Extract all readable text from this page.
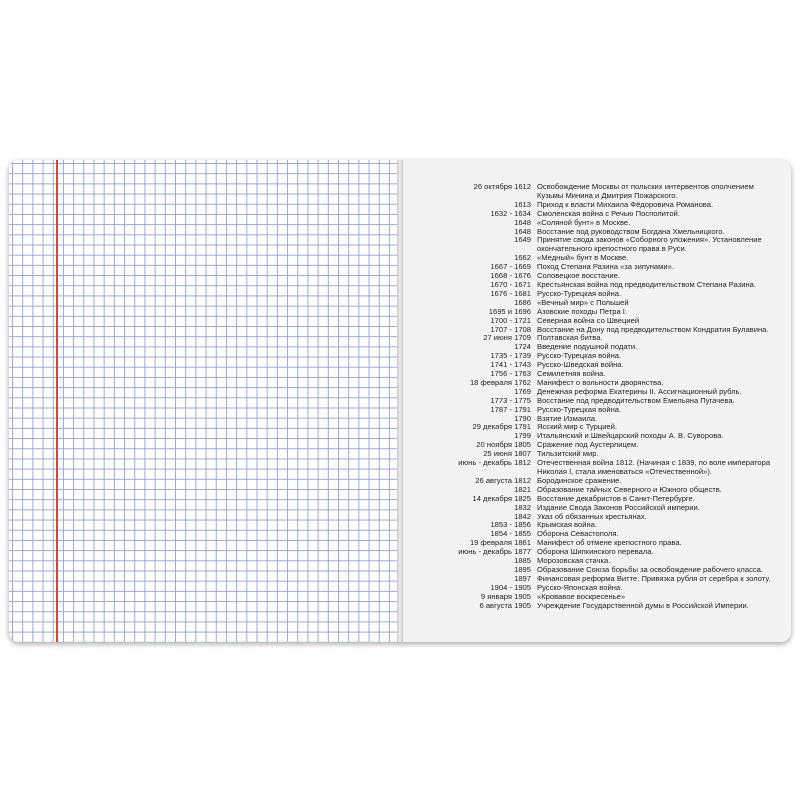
26 октября 1612 Освобождение Москвы от польских интервентов ополчением
Кузьмы Минина и Дмитрия Пожарского.
1613 Приход к власти Михаила Фёдоровича Романова.
1632 - 1634 Смоленская война с Речью Посполитой.
1648 «Соляной бунт» в Москве.
1648 Восстание под руководством Богдана Хмельницкого.
1649 Принятие свода законов «Соборного уложения». Установление
окончательного крепостного права в Руси.
1662 «Медный» бунт в Москве.
1667 - 1669 Поход Степана Разина «за зипунами».
1668 - 1676 Соловецкое восстание.
1670 - 1671 Крестьянская война под предводительством Степана Разина.
1676 - 1681 Русско-Турецкая война.
1686 «Вечный мир» с Польшей
1695 и 1696 Азовские походы Петра I.
1700 - 1721 Северная война со Швецией
1707 - 1708 Восстание на Дону под предводительством Кондратия Булавина.
27 июня 1709 Полтавская битва.
1724 Введение подушной подати.
1735 - 1739 Русско-Турецкая война.
1741 - 1743 Русско-Шведская война.
1756 - 1763 Семилетняя война.
18 февраля 1762 Манифест о вольности дворянства.
1769 Денежная реформа Екатерины II. Ассигнационный рубль.
1773 - 1775 Восстание под предводительством Емельяна Пугачева.
1787 - 1791 Русско-Турецкая война.
1790 Взятие Измаила.
29 декабря 1791 Ясский мир с Турцией.
1799 Итальянский и Швейцарский походы А. В. Суворова.
20 ноября 1805 Сражение под Аустерлицем.
25 июня 1807 Тильзитский мир.
июнь - декабрь 1812 Отечественная война 1812. (Начиная с 1839, по воле императора
Николая I, стала именоваться «Отечественной»).
26 августа 1812 Бородинское сражение.
1821 Образование тайных Северного и Южного обществ.
14 декабря 1825 Восстание декабристов в Санкт-Петербурге.
1832 Издание Свода Законов Российской империи.
1842 Указ об обязанных крестьянах.
1853 - 1856 Крымская война.
1854 - 1855 Оборона Севастополя.
19 февраля 1861 Манифест об отмене крепостного права.
июнь - декабрь 1877 Оборона Шипкинского перевала.
1885 Морозовская стачка.
1895 Образование Союза борьбы за освобождение рабочего класса.
1897 Финансовая реформа Витте. Привязка рубля от серебра к золоту.
1904 - 1905 Русско-Японская война.
9 января 1905 «Кровавое воскресенье»
6 августа 1905 Учреждение Государственной думы в Российской Империи.
